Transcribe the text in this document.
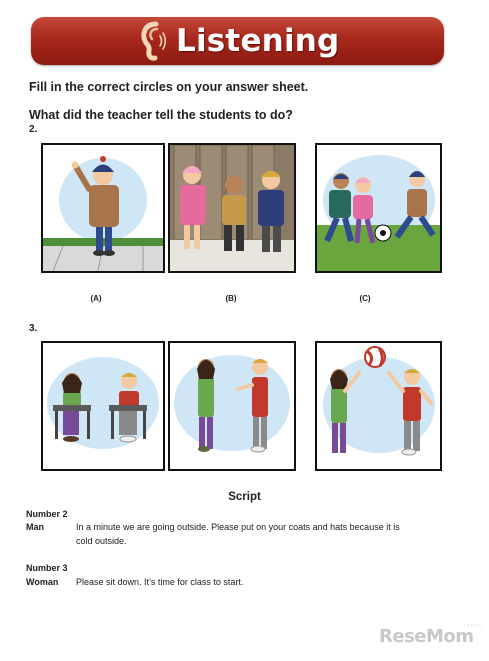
Listening
Fill in the correct circles on your answer sheet.
What did the teacher tell the students to do?
2.
(A)	(B)	(C)
3.
Script
Number 2
Man	In a minute we are going outside. Please put on your coats and hats because it is
cold outside.
Number 3
Woman Please sit down. It’s time for class to start.
ReseMom
リセマム
